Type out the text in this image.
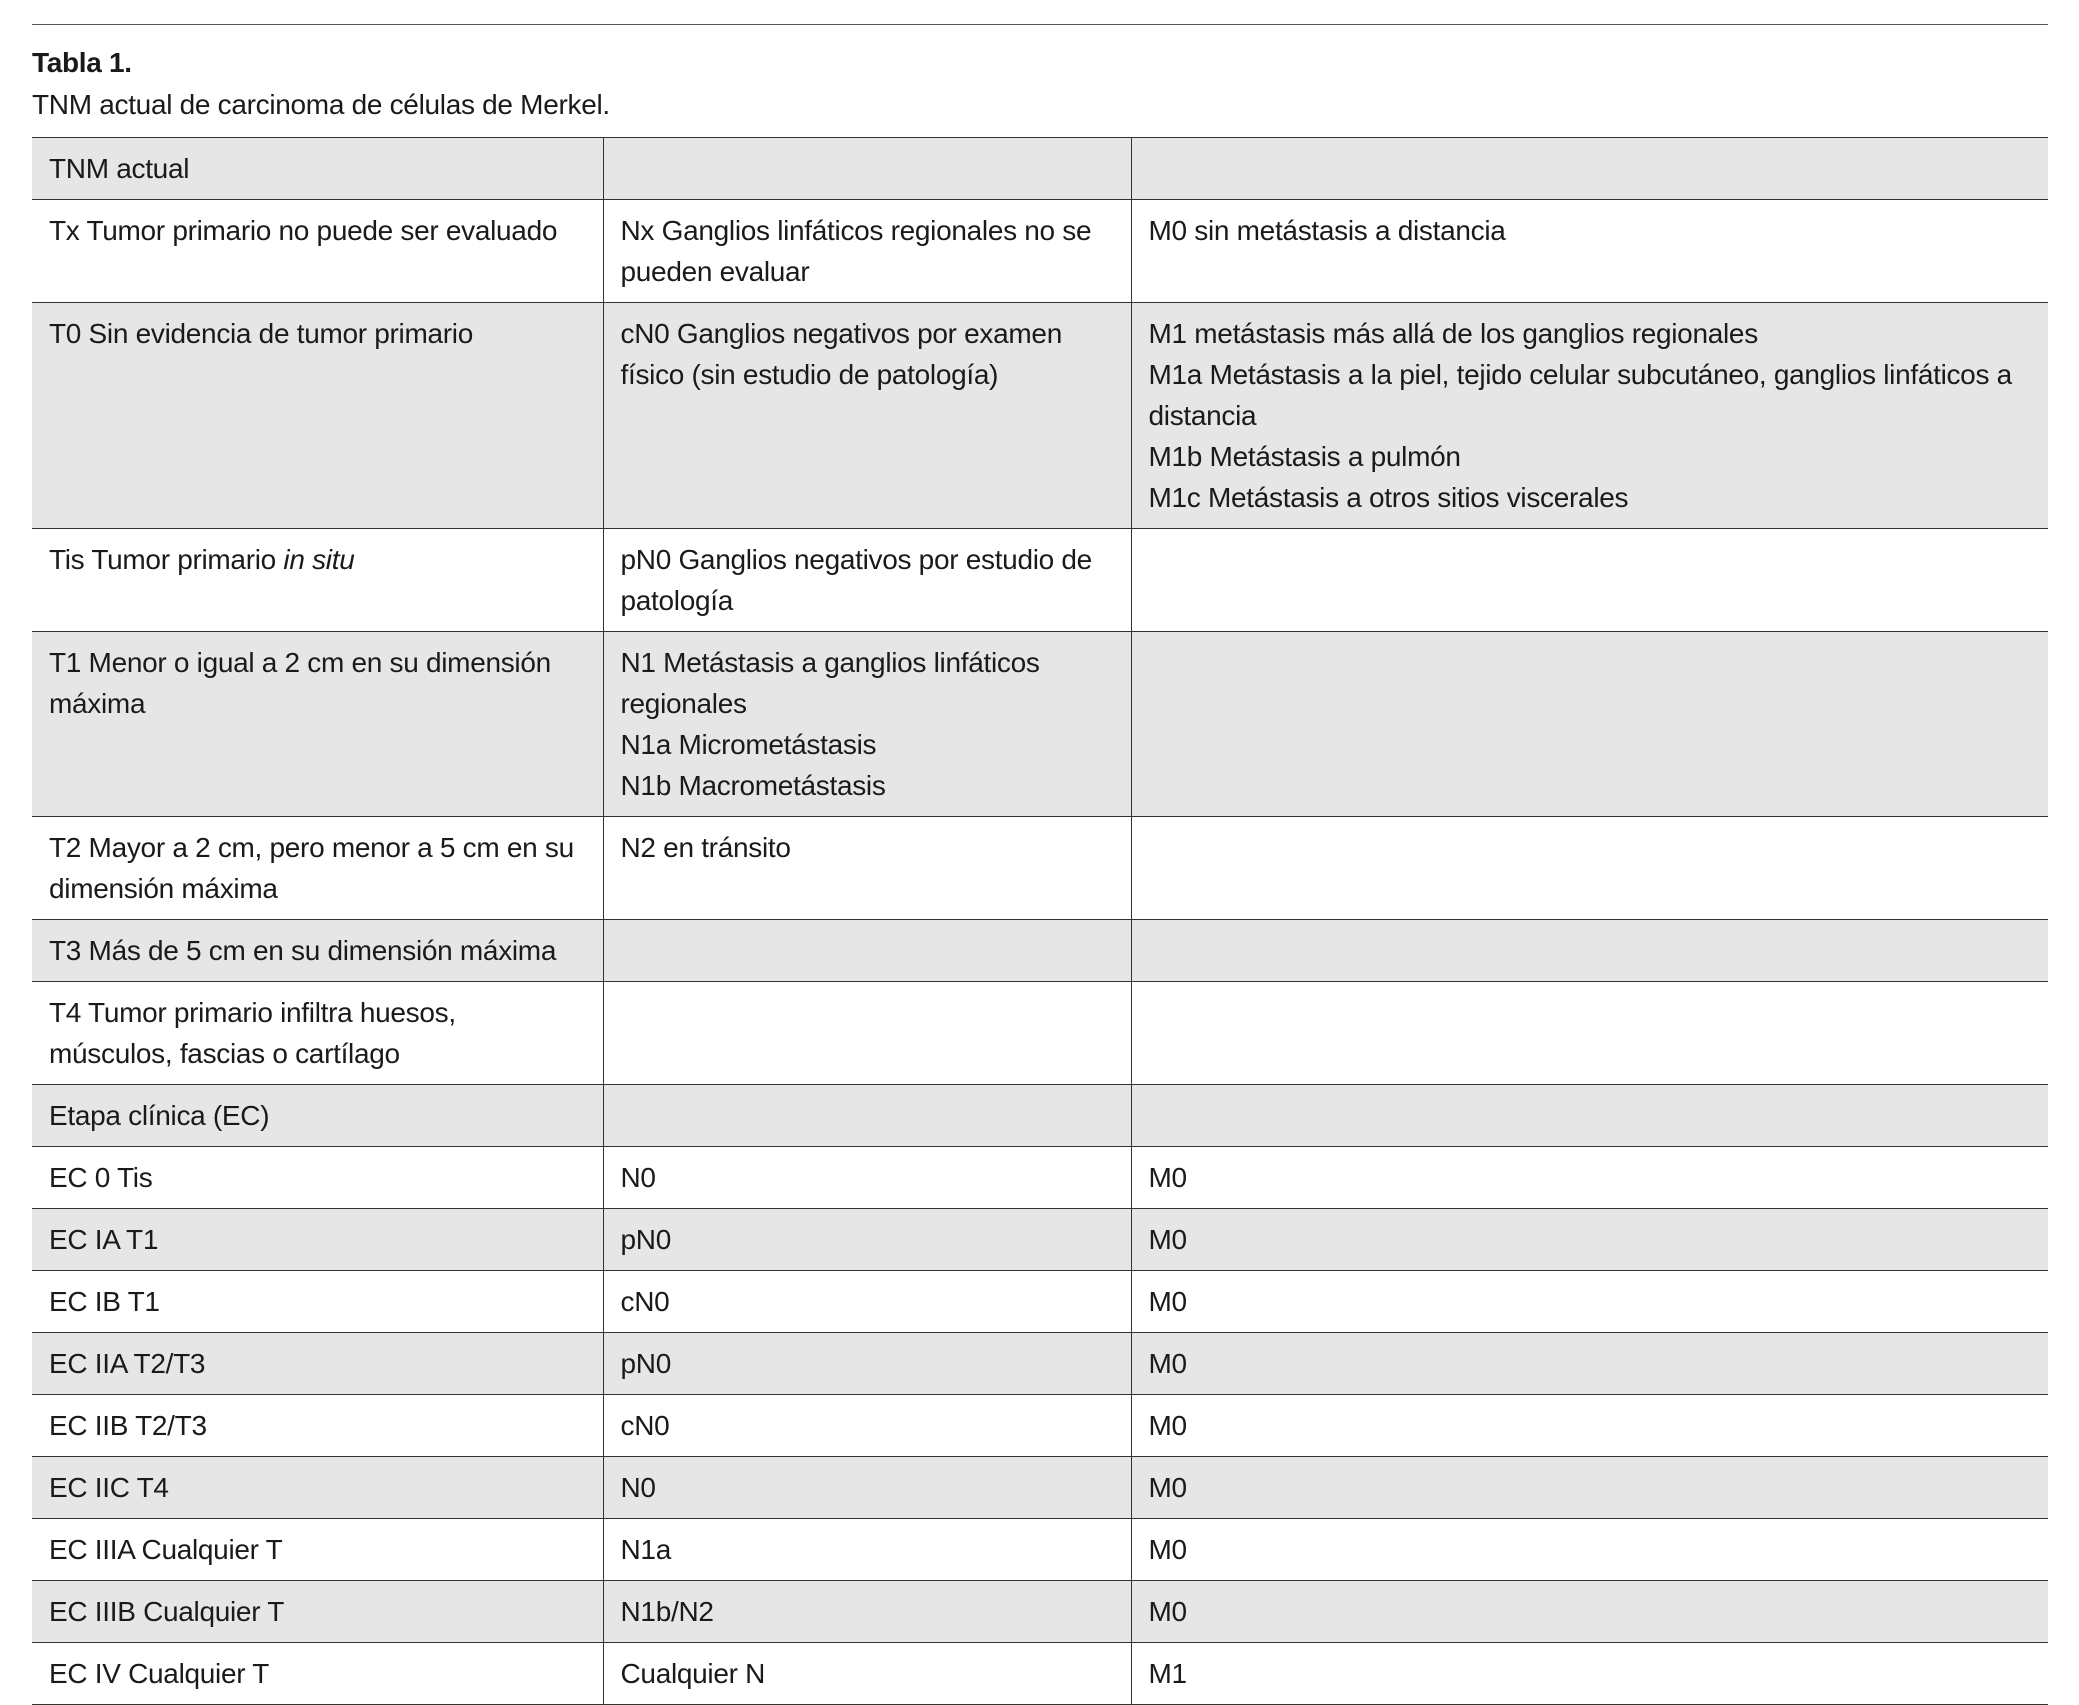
Tabla 1.
TNM actual de carcinoma de células de Merkel.
TNM actual		

Tx Tumor primario no puede ser evaluado	Nx Ganglios linfáticos regionales no se pueden evaluar	M0 sin metástasis a distancia

T0 Sin evidencia de tumor primario	cN0 Ganglios negativos por examen físico (sin estudio de patología)	M1 metástasis más allá de los ganglios regionales
M1a Metástasis a la piel, tejido celular subcutáneo, ganglios linfáticos a distancia
M1b Metástasis a pulmón
M1c Metástasis a otros sitios viscerales

Tis Tumor primario in situ	pN0 Ganglios negativos por estudio de patología	

T1 Menor o igual a 2 cm en su dimensión máxima	N1 Metástasis a ganglios linfáticos regionales
N1a Micrometástasis
N1b Macrometástasis	

T2 Mayor a 2 cm, pero menor a 5 cm en su dimensión máxima	N2 en tránsito	

T3 Más de 5 cm en su dimensión máxima		

T4 Tumor primario infiltra huesos, músculos, fascias o cartílago		

Etapa clínica (EC)		

EC 0 Tis	N0	M0

EC IA T1	pN0	M0

EC IB T1	cN0	M0

EC IIA T2/T3	pN0	M0

EC IIB T2/T3	cN0	M0

EC IIC T4	N0	M0

EC IIIA Cualquier T	N1a	M0

EC IIIB Cualquier T	N1b/N2	M0

EC IV Cualquier T	Cualquier N	M1
